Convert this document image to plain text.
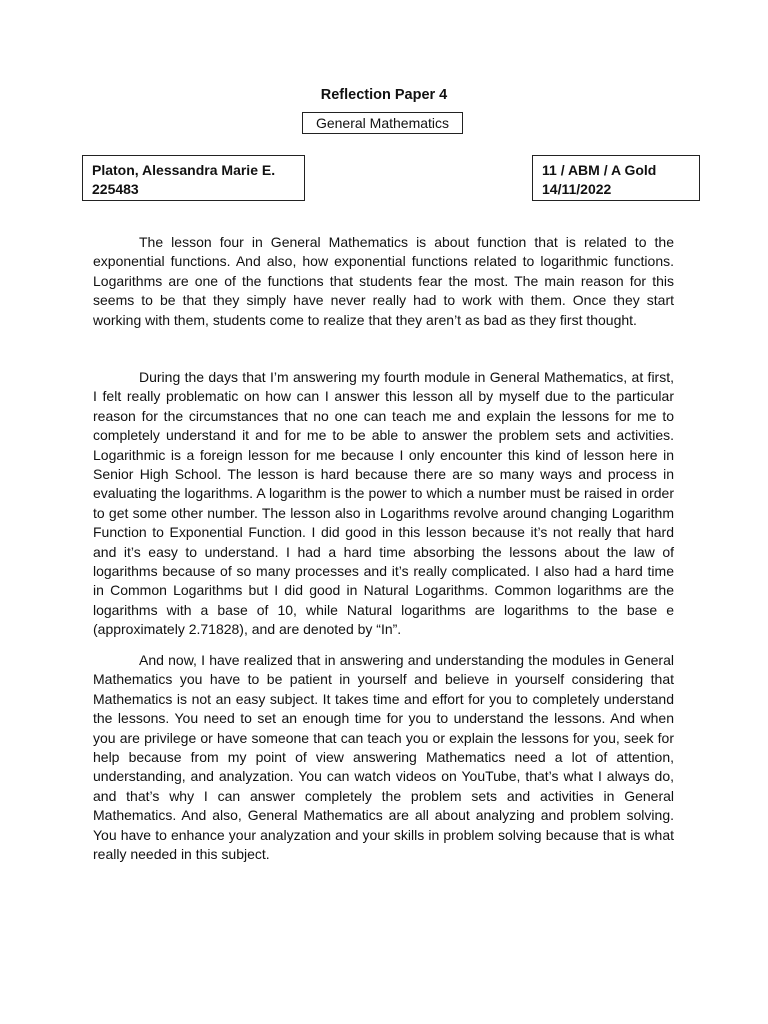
Reflection Paper 4
General Mathematics
Platon, Alessandra Marie E.
225483
11 / ABM / A Gold
14/11/2022

The lesson four in General Mathematics is about function that is related to the exponential functions. And also, how exponential functions related to logarithmic functions. Logarithms are one of the functions that students fear the most. The main reason for this seems to be that they simply have never really had to work with them. Once they start working with them, students come to realize that they aren’t as bad as they first thought.

During the days that I’m answering my fourth module in General Mathematics, at first, I felt really problematic on how can I answer this lesson all by myself due to the particular reason for the circumstances that no one can teach me and explain the lessons for me to completely understand it and for me to be able to answer the problem sets and activities. Logarithmic is a foreign lesson for me because I only encounter this kind of lesson here in Senior High School. The lesson is hard because there are so many ways and process in evaluating the logarithms. A logarithm is the power to which a number must be raised in order to get some other number. The lesson also in Logarithms revolve around changing Logarithm Function to Exponential Function. I did good in this lesson because it’s not really that hard and it’s easy to understand. I had a hard time absorbing the lessons about the law of logarithms because of so many processes and it’s really complicated. I also had a hard time in Common Logarithms but I did good in Natural Logarithms. Common logarithms are the logarithms with a base of 10, while Natural logarithms are logarithms to the base e (approximately 2.71828), and are denoted by “In”.

And now, I have realized that in answering and understanding the modules in General Mathematics you have to be patient in yourself and believe in yourself considering that Mathematics is not an easy subject. It takes time and effort for you to completely understand the lessons. You need to set an enough time for you to understand the lessons. And when you are privilege or have someone that can teach you or explain the lessons for you, seek for help because from my point of view answering Mathematics need a lot of attention, understanding, and analyzation. You can watch videos on YouTube, that’s what I always do, and that’s why I can answer completely the problem sets and activities in General Mathematics. And also, General Mathematics are all about analyzing and problem solving. You have to enhance your analyzation and your skills in problem solving because that is what really needed in this subject.
